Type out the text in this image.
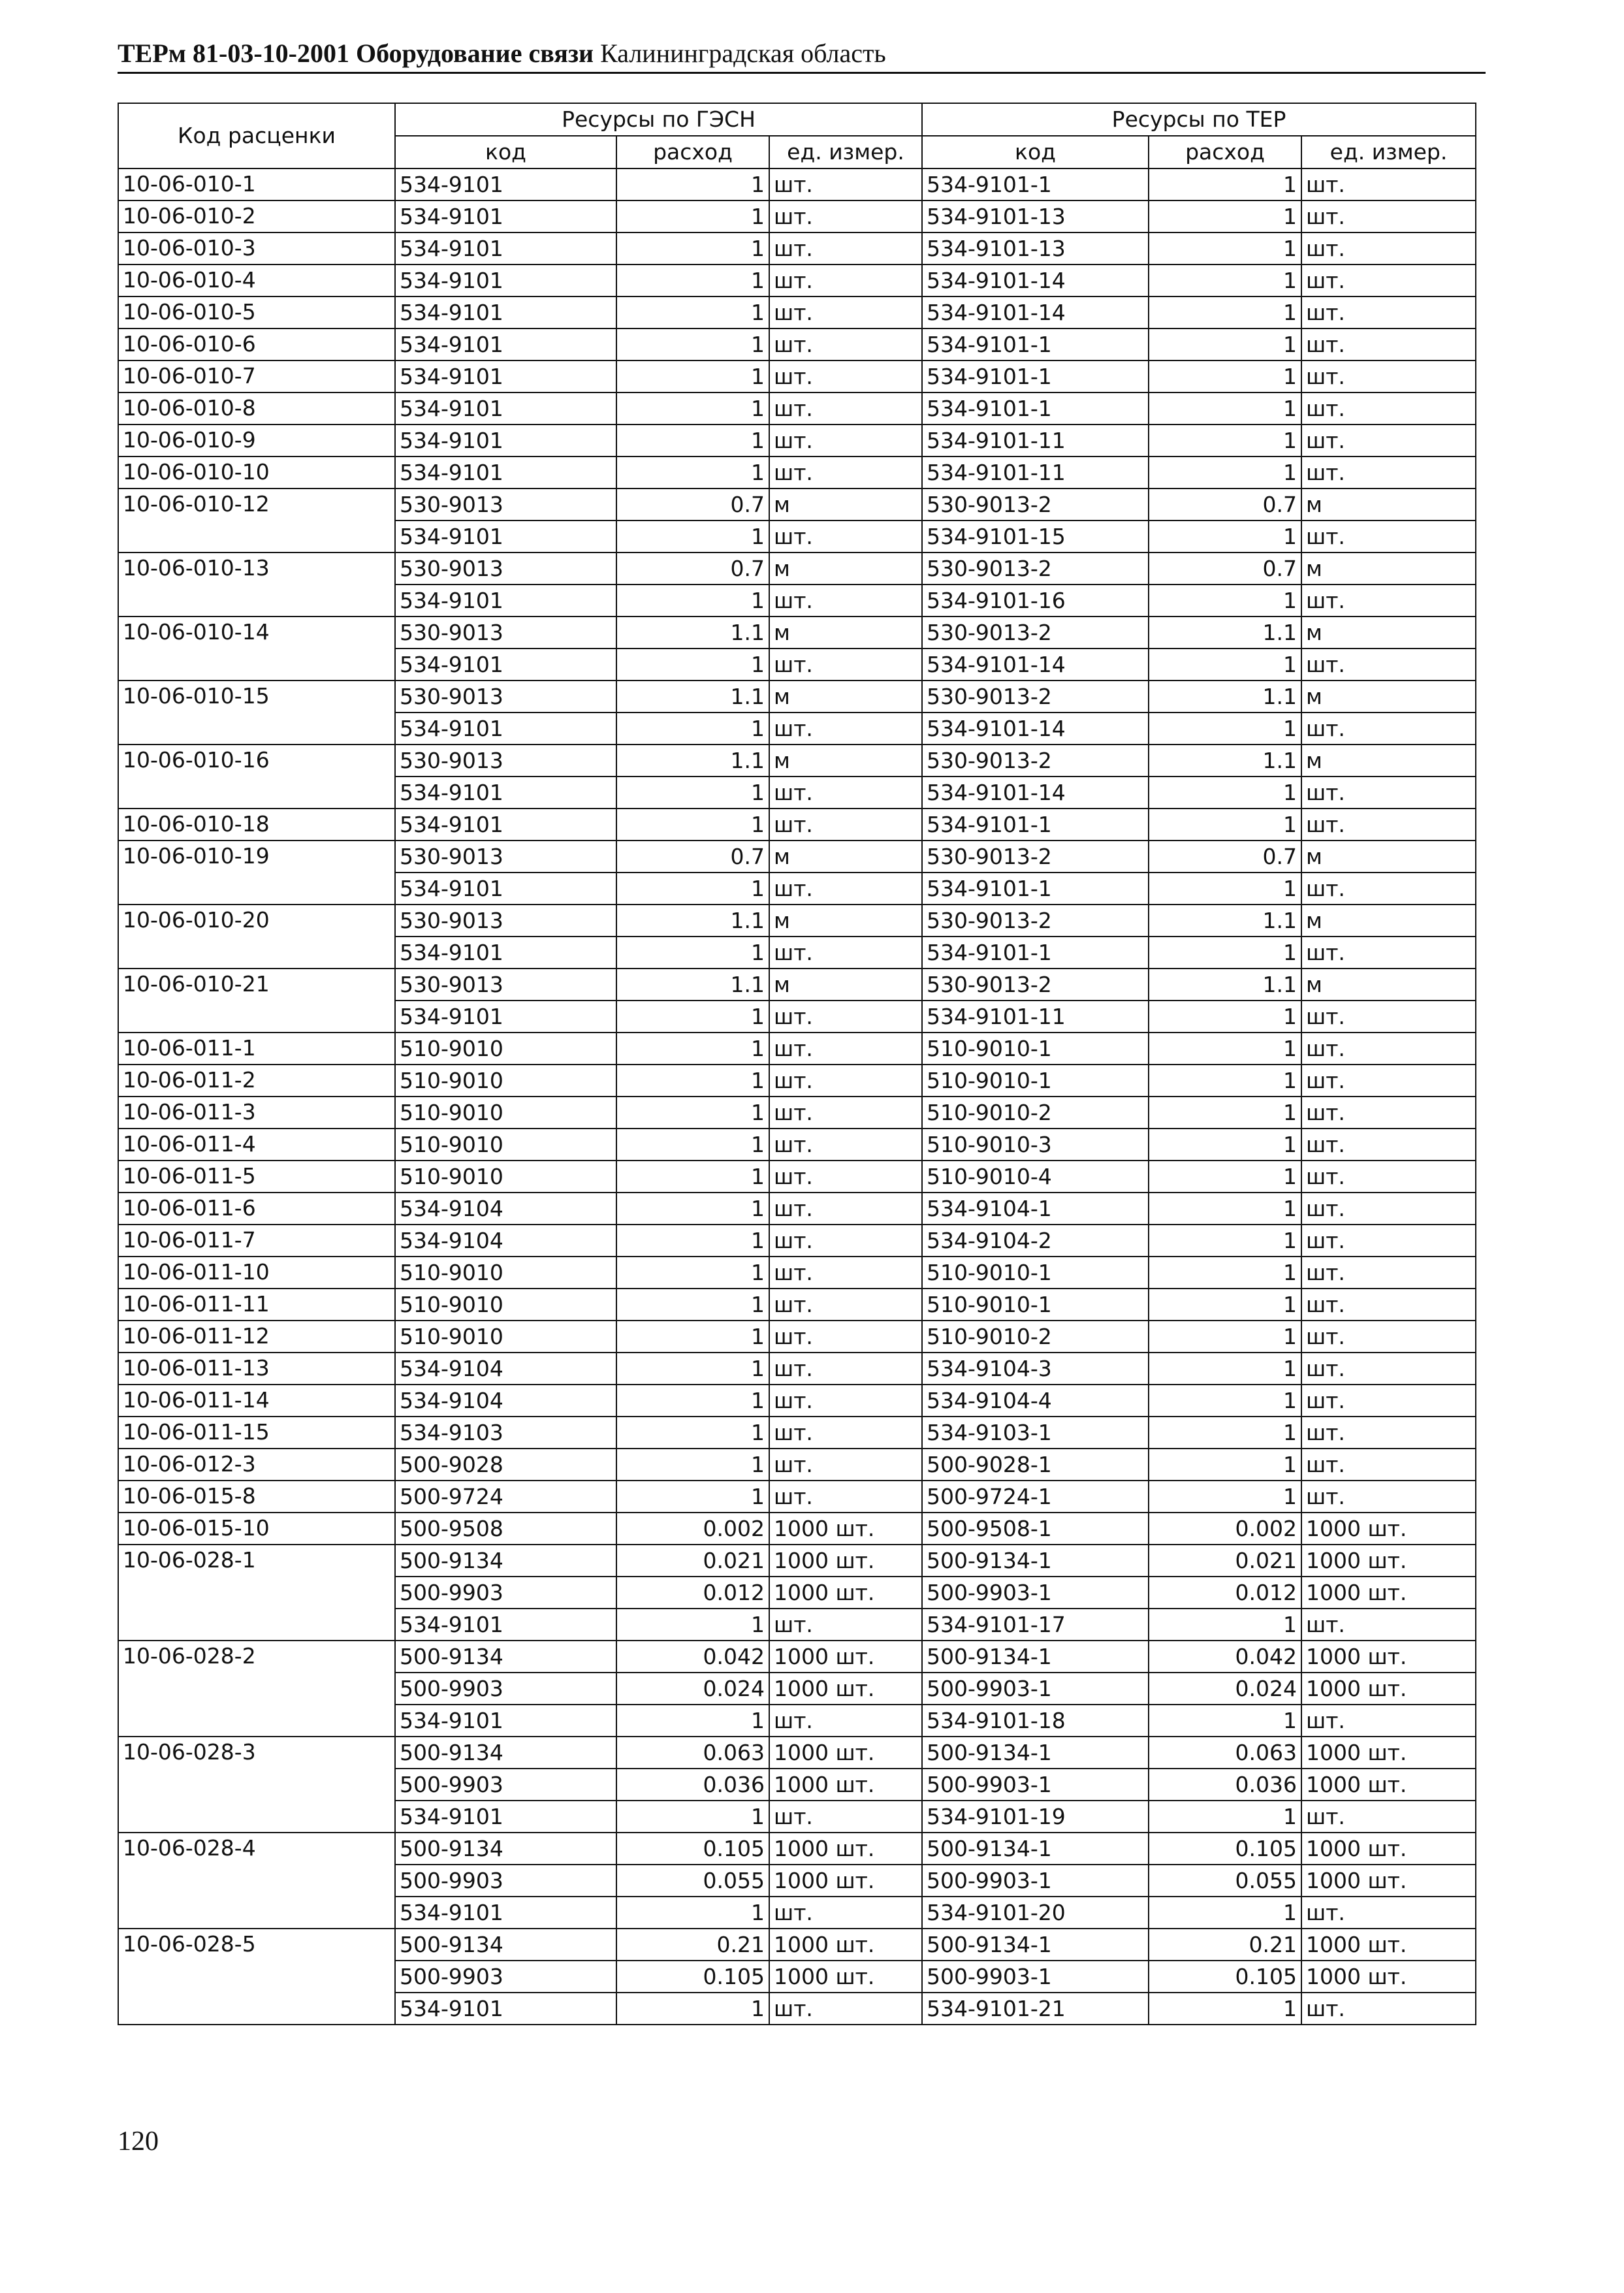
ТЕРм 81-03-10-2001 Оборудование связи Калининградская область
Код расценки	Ресурсы по ГЭСН			Ресурсы по ТЕР		
	код	расход	ед. измер.	код	расход	ед. измер.
10-06-010-1	534-9101	1	шт.	534-9101-1	1	шт.
10-06-010-2	534-9101	1	шт.	534-9101-13	1	шт.
10-06-010-3	534-9101	1	шт.	534-9101-13	1	шт.
10-06-010-4	534-9101	1	шт.	534-9101-14	1	шт.
10-06-010-5	534-9101	1	шт.	534-9101-14	1	шт.
10-06-010-6	534-9101	1	шт.	534-9101-1	1	шт.
10-06-010-7	534-9101	1	шт.	534-9101-1	1	шт.
10-06-010-8	534-9101	1	шт.	534-9101-1	1	шт.
10-06-010-9	534-9101	1	шт.	534-9101-11	1	шт.
10-06-010-10	534-9101	1	шт.	534-9101-11	1	шт.
10-06-010-12	530-9013	0.7	м	530-9013-2	0.7	м
	534-9101	1	шт.	534-9101-15	1	шт.
10-06-010-13	530-9013	0.7	м	530-9013-2	0.7	м
	534-9101	1	шт.	534-9101-16	1	шт.
10-06-010-14	530-9013	1.1	м	530-9013-2	1.1	м
	534-9101	1	шт.	534-9101-14	1	шт.
10-06-010-15	530-9013	1.1	м	530-9013-2	1.1	м
	534-9101	1	шт.	534-9101-14	1	шт.
10-06-010-16	530-9013	1.1	м	530-9013-2	1.1	м
	534-9101	1	шт.	534-9101-14	1	шт.
10-06-010-18	534-9101	1	шт.	534-9101-1	1	шт.
10-06-010-19	530-9013	0.7	м	530-9013-2	0.7	м
	534-9101	1	шт.	534-9101-1	1	шт.
10-06-010-20	530-9013	1.1	м	530-9013-2	1.1	м
	534-9101	1	шт.	534-9101-1	1	шт.
10-06-010-21	530-9013	1.1	м	530-9013-2	1.1	м
	534-9101	1	шт.	534-9101-11	1	шт.
10-06-011-1	510-9010	1	шт.	510-9010-1	1	шт.
10-06-011-2	510-9010	1	шт.	510-9010-1	1	шт.
10-06-011-3	510-9010	1	шт.	510-9010-2	1	шт.
10-06-011-4	510-9010	1	шт.	510-9010-3	1	шт.
10-06-011-5	510-9010	1	шт.	510-9010-4	1	шт.
10-06-011-6	534-9104	1	шт.	534-9104-1	1	шт.
10-06-011-7	534-9104	1	шт.	534-9104-2	1	шт.
10-06-011-10	510-9010	1	шт.	510-9010-1	1	шт.
10-06-011-11	510-9010	1	шт.	510-9010-1	1	шт.
10-06-011-12	510-9010	1	шт.	510-9010-2	1	шт.
10-06-011-13	534-9104	1	шт.	534-9104-3	1	шт.
10-06-011-14	534-9104	1	шт.	534-9104-4	1	шт.
10-06-011-15	534-9103	1	шт.	534-9103-1	1	шт.
10-06-012-3	500-9028	1	шт.	500-9028-1	1	шт.
10-06-015-8	500-9724	1	шт.	500-9724-1	1	шт.
10-06-015-10	500-9508	0.002	1000 шт.	500-9508-1	0.002	1000 шт.
10-06-028-1	500-9134	0.021	1000 шт.	500-9134-1	0.021	1000 шт.
	500-9903	0.012	1000 шт.	500-9903-1	0.012	1000 шт.
	534-9101	1	шт.	534-9101-17	1	шт.
10-06-028-2	500-9134	0.042	1000 шт.	500-9134-1	0.042	1000 шт.
	500-9903	0.024	1000 шт.	500-9903-1	0.024	1000 шт.
	534-9101	1	шт.	534-9101-18	1	шт.
10-06-028-3	500-9134	0.063	1000 шт.	500-9134-1	0.063	1000 шт.
	500-9903	0.036	1000 шт.	500-9903-1	0.036	1000 шт.
	534-9101	1	шт.	534-9101-19	1	шт.
10-06-028-4	500-9134	0.105	1000 шт.	500-9134-1	0.105	1000 шт.
	500-9903	0.055	1000 шт.	500-9903-1	0.055	1000 шт.
	534-9101	1	шт.	534-9101-20	1	шт.
10-06-028-5	500-9134	0.21	1000 шт.	500-9134-1	0.21	1000 шт.
	500-9903	0.105	1000 шт.	500-9903-1	0.105	1000 шт.
	534-9101	1	шт.	534-9101-21	1	шт.
120
